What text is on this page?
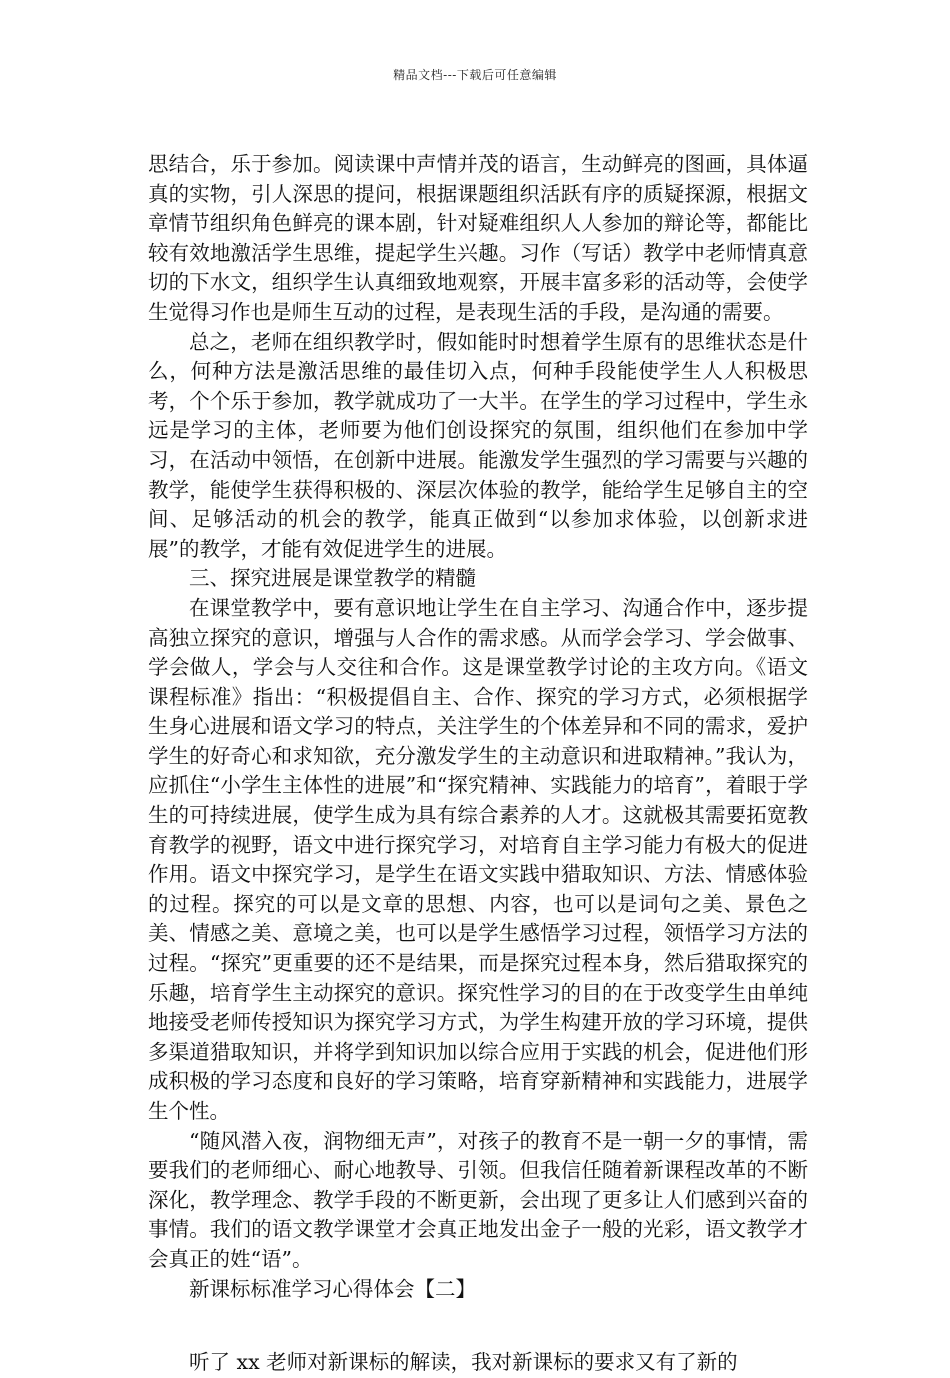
精品文档---下载后可任意编辑

思结合，乐于参加。阅读课中声情并茂的语言，生动鲜亮的图画，具体逼真的实物，引人深思的提问，根据课题组织活跃有序的质疑探源，根据文章情节组织角色鲜亮的课本剧，针对疑难组织人人参加的辩论等，都能比较有效地激活学生思维，提起学生兴趣。习作（写话）教学中老师情真意切的下水文，组织学生认真细致地观察，开展丰富多彩的活动等，会使学生觉得习作也是师生互动的过程，是表现生活的手段，是沟通的需要。

总之，老师在组织教学时，假如能时时想着学生原有的思维状态是什么，何种方法是激活思维的最佳切入点，何种手段能使学生人人积极思考，个个乐于参加，教学就成功了一大半。在学生的学习过程中，学生永远是学习的主体，老师要为他们创设探究的氛围，组织他们在参加中学习，在活动中领悟，在创新中进展。能激发学生强烈的学习需要与兴趣的教学，能使学生获得积极的、深层次体验的教学，能给学生足够自主的空间、足够活动的机会的教学，能真正做到“以参加求体验，以创新求进展”的教学，才能有效促进学生的进展。

三、探究进展是课堂教学的精髓

在课堂教学中，要有意识地让学生在自主学习、沟通合作中，逐步提高独立探究的意识，增强与人合作的需求感。从而学会学习、学会做事、学会做人，学会与人交往和合作。这是课堂教学讨论的主攻方向。《语文课程标准》指出：“积极提倡自主、合作、探究的学习方式，必须根据学生身心进展和语文学习的特点，关注学生的个体差异和不同的需求，爱护学生的好奇心和求知欲，充分激发学生的主动意识和进取精神。”我认为，应抓住“小学生主体性的进展”和“探究精神、实践能力的培育”，着眼于学生的可持续进展，使学生成为具有综合素养的人才。这就极其需要拓宽教育教学的视野，语文中进行探究学习，对培育自主学习能力有极大的促进作用。语文中探究学习，是学生在语文实践中猎取知识、方法、情感体验的过程。探究的可以是文章的思想、内容，也可以是词句之美、景色之美、情感之美、意境之美，也可以是学生感悟学习过程，领悟学习方法的过程。“探究”更重要的还不是结果，而是探究过程本身，然后猎取探究的乐趣，培育学生主动探究的意识。探究性学习的目的在于改变学生由单纯地接受老师传授知识为探究学习方式，为学生构建开放的学习环境，提供多渠道猎取知识，并将学到知识加以综合应用于实践的机会，促进他们形成积极的学习态度和良好的学习策略，培育穿新精神和实践能力，进展学生个性。

“随风潜入夜，润物细无声”，对孩子的教育不是一朝一夕的事情，需要我们的老师细心、耐心地教导、引领。但我信任随着新课程改革的不断深化，教学理念、教学手段的不断更新，会出现了更多让人们感到兴奋的事情。我们的语文教学课堂才会真正地发出金子一般的光彩，语文教学才会真正的姓“语”。

新课标标准学习心得体会【二】

听了 xx 老师对新课标的解读，我对新课标的要求又有了新的
